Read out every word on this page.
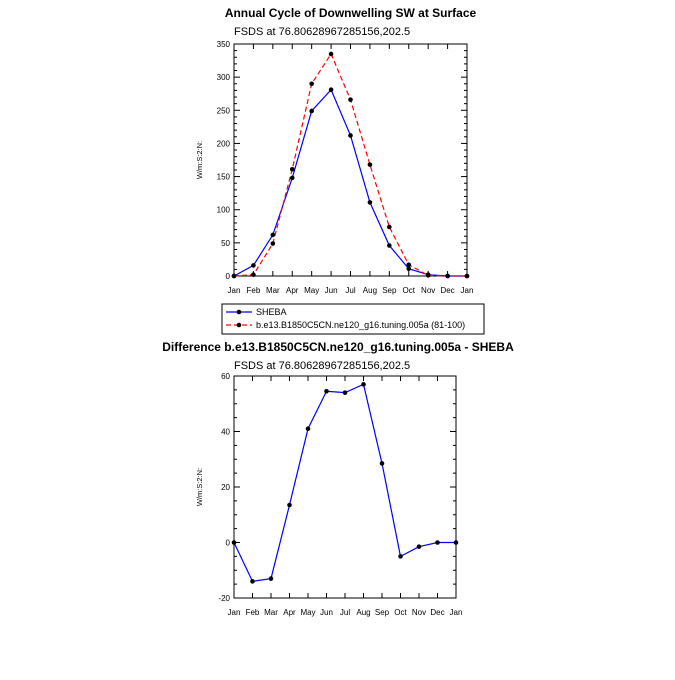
Annual Cycle of Downwelling SW at Surface
FSDS at 76.80628967285156,202.5
W/m:S:2:N:
Jan Feb Mar Apr May Jun Jul Aug Sep Oct Nov Dec Jan
0
50
100
150
200
250
300
350
SHEBA
b.e13.B1850C5CN.ne120_g16.tuning.005a (81-100)
Difference b.e13.B1850C5CN.ne120_g16.tuning.005a - SHEBA
FSDS at 76.80628967285156,202.5
W/m:S:2:N:
Jan Feb Mar Apr May Jun Jul Aug Sep Oct Nov Dec Jan
-20
0
20
40
60
